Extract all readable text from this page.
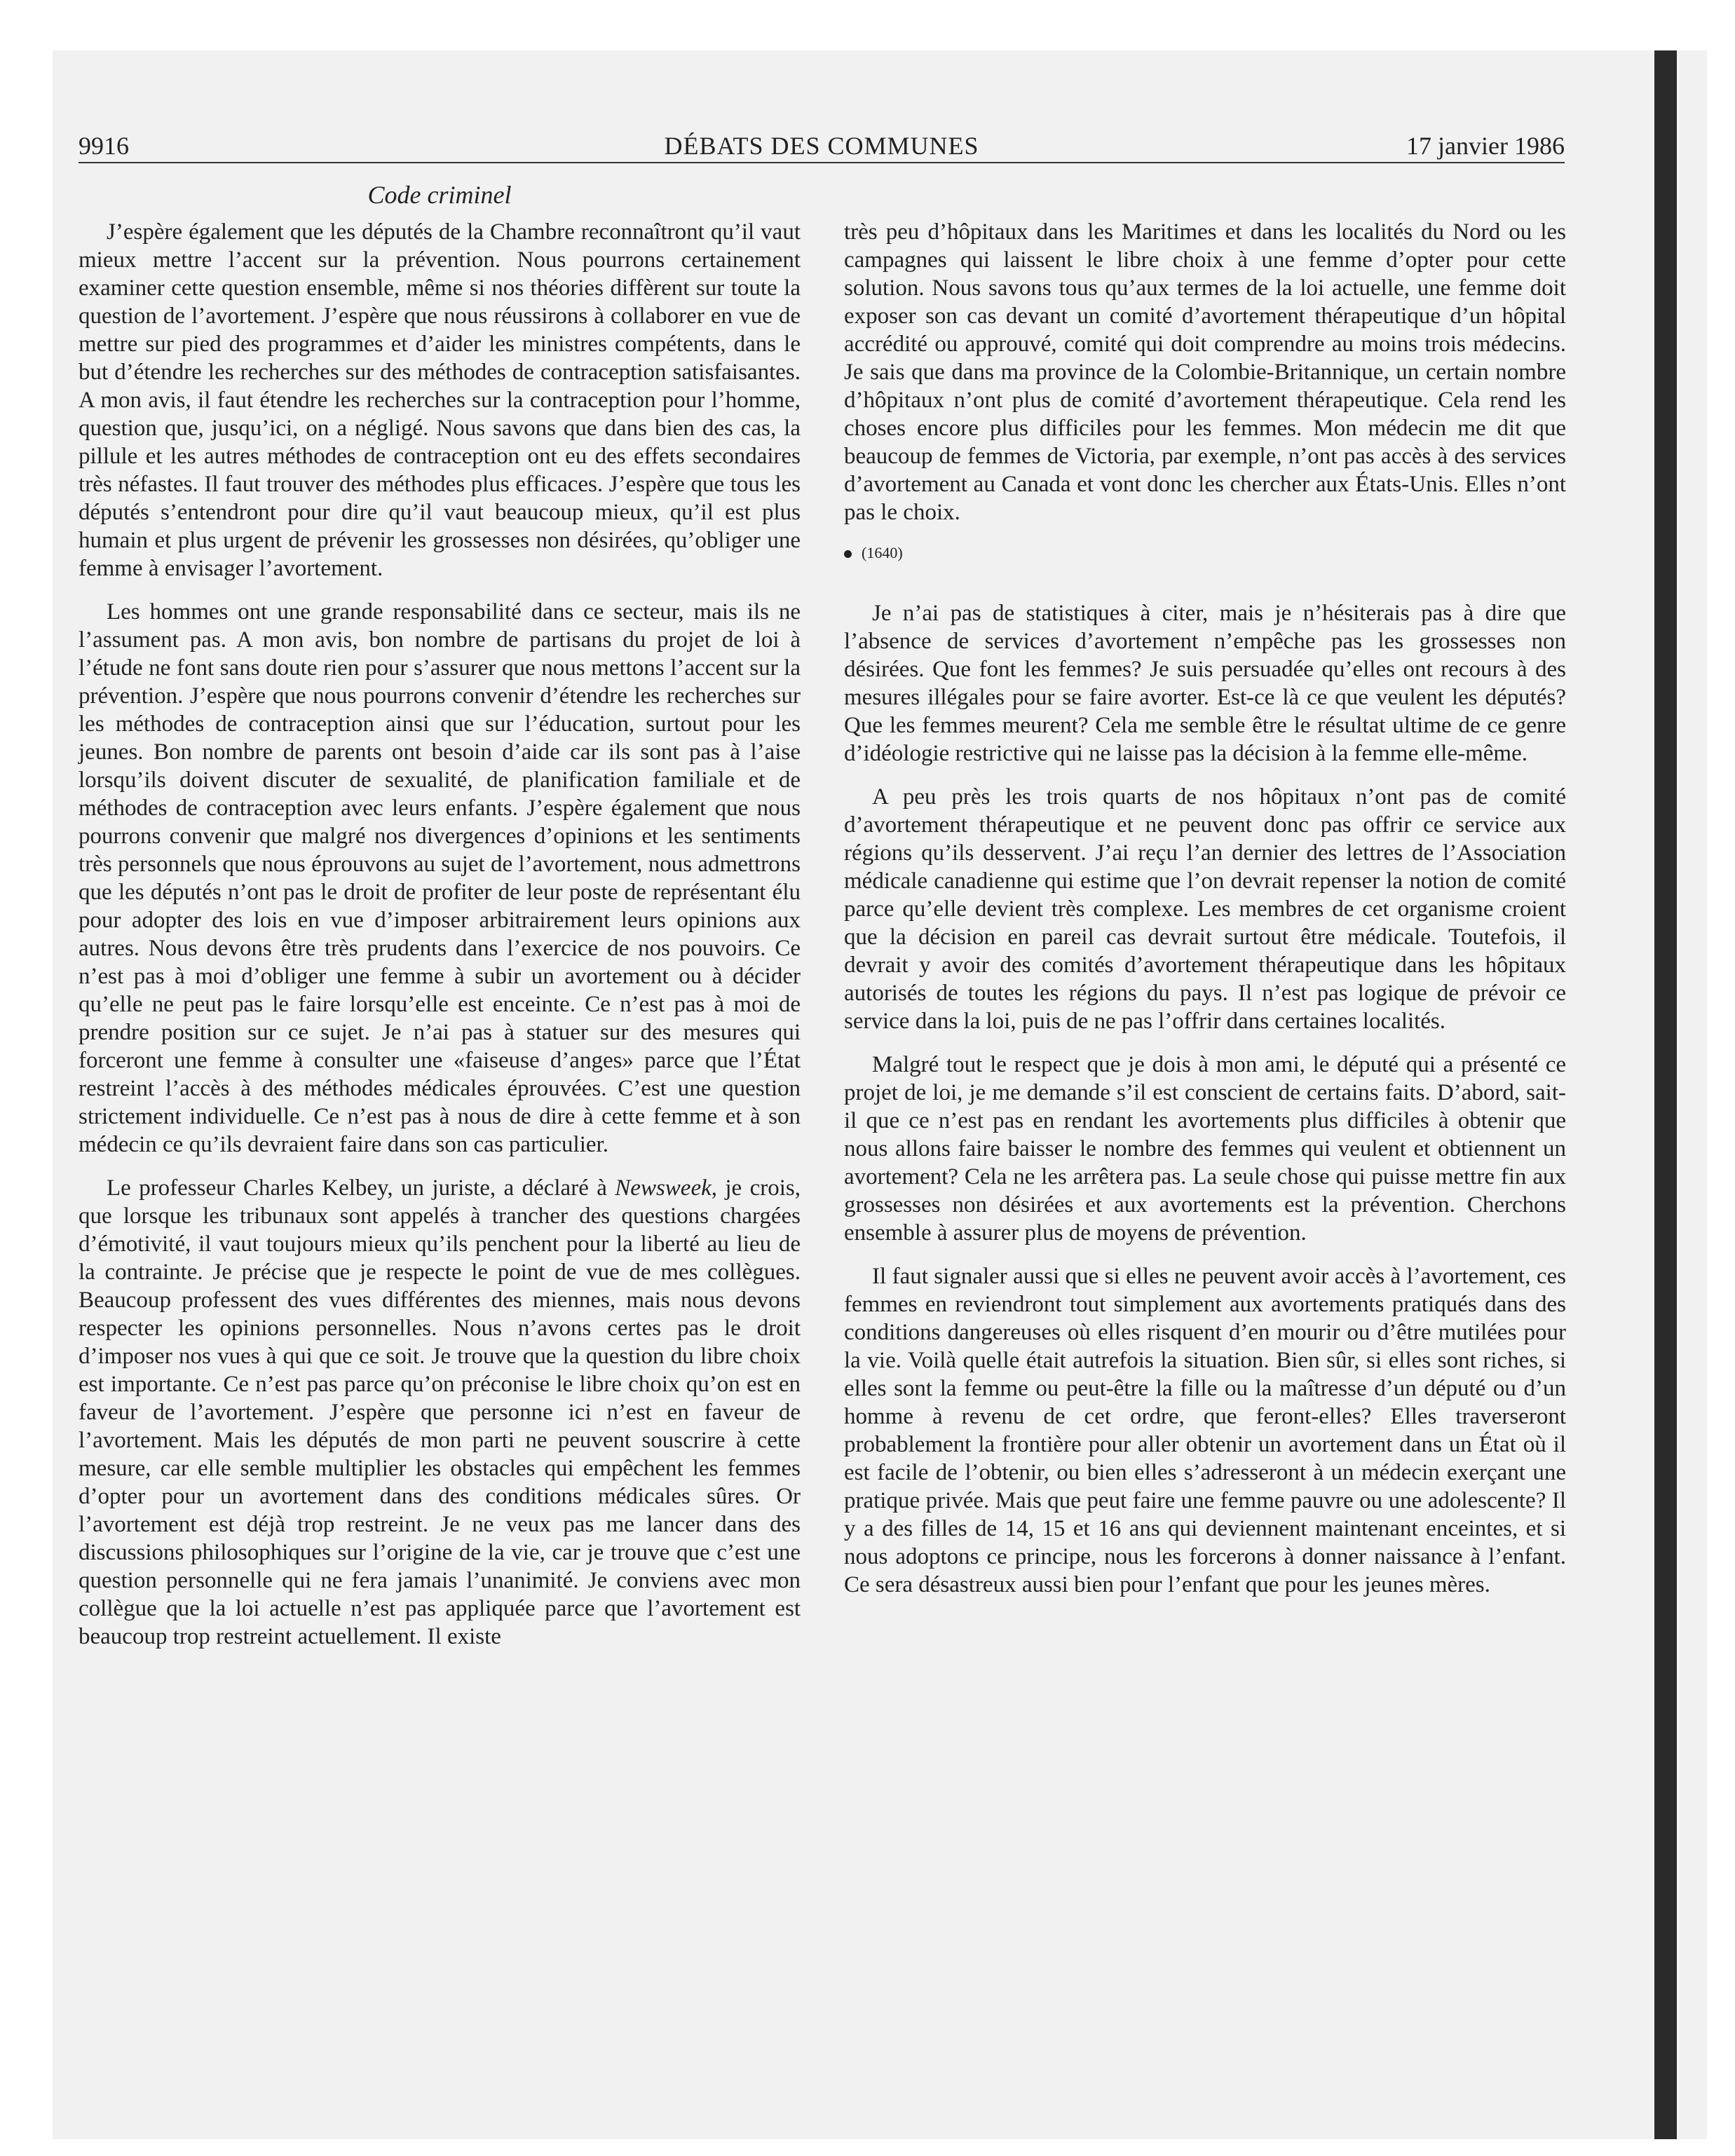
9916	DÉBATS DES COMMUNES	17 janvier 1986
Code criminel

J’espère également que les députés de la Chambre reconnaîtront qu’il vaut mieux mettre l’accent sur la prévention. Nous pourrons certainement examiner cette question ensemble, même si nos théories diffèrent sur toute la question de l’avortement. J’espère que nous réussirons à collaborer en vue de mettre sur pied des programmes et d’aider les ministres compétents, dans le but d’étendre les recherches sur des méthodes de contraception satisfaisantes. A mon avis, il faut étendre les recherches sur la contraception pour l’homme, question que, jusqu’ici, on a négligé. Nous savons que dans bien des cas, la pillule et les autres méthodes de contraception ont eu des effets secondaires très néfastes. Il faut trouver des méthodes plus efficaces. J’espère que tous les députés s’entendront pour dire qu’il vaut beaucoup mieux, qu’il est plus humain et plus urgent de prévenir les grossesses non désirées, qu’obliger une femme à envisager l’avortement.

Les hommes ont une grande responsabilité dans ce secteur, mais ils ne l’assument pas. A mon avis, bon nombre de partisans du projet de loi à l’étude ne font sans doute rien pour s’assurer que nous mettons l’accent sur la prévention. J’espère que nous pourrons convenir d’étendre les recherches sur les méthodes de contraception ainsi que sur l’éducation, surtout pour les jeunes. Bon nombre de parents ont besoin d’aide car ils sont pas à l’aise lorsqu’ils doivent discuter de sexualité, de planification familiale et de méthodes de contraception avec leurs enfants. J’espère également que nous pourrons convenir que malgré nos divergences d’opinions et les sentiments très personnels que nous éprouvons au sujet de l’avortement, nous admettrons que les députés n’ont pas le droit de profiter de leur poste de représentant élu pour adopter des lois en vue d’imposer arbitrairement leurs opinions aux autres. Nous devons être très prudents dans l’exercice de nos pouvoirs. Ce n’est pas à moi d’obliger une femme à subir un avortement ou à décider qu’elle ne peut pas le faire lorsqu’elle est enceinte. Ce n’est pas à moi de prendre position sur ce sujet. Je n’ai pas à statuer sur des mesures qui forceront une femme à consulter une «faiseuse d’anges» parce que l’État restreint l’accès à des méthodes médicales éprouvées. C’est une question strictement individuelle. Ce n’est pas à nous de dire à cette femme et à son médecin ce qu’ils devraient faire dans son cas particulier.

Le professeur Charles Kelbey, un juriste, a déclaré à Newsweek, je crois, que lorsque les tribunaux sont appelés à trancher des questions chargées d’émotivité, il vaut toujours mieux qu’ils penchent pour la liberté au lieu de la contrainte. Je précise que je respecte le point de vue de mes collègues. Beaucoup professent des vues différentes des miennes, mais nous devons respecter les opinions personnelles. Nous n’avons certes pas le droit d’imposer nos vues à qui que ce soit. Je trouve que la question du libre choix est importante. Ce n’est pas parce qu’on préconise le libre choix qu’on est en faveur de l’avortement. J’espère que personne ici n’est en faveur de l’avortement. Mais les députés de mon parti ne peuvent souscrire à cette mesure, car elle semble multiplier les obstacles qui empêchent les femmes d’opter pour un avortement dans des conditions médicales sûres. Or l’avortement est déjà trop restreint. Je ne veux pas me lancer dans des discussions philosophiques sur l’origine de la vie, car je trouve que c’est une question personnelle qui ne fera jamais l’unanimité. Je conviens avec mon collègue que la loi actuelle n’est pas appliquée parce que l’avortement est beaucoup trop restreint actuellement. Il existe

très peu d’hôpitaux dans les Maritimes et dans les localités du Nord ou les campagnes qui laissent le libre choix à une femme d’opter pour cette solution. Nous savons tous qu’aux termes de la loi actuelle, une femme doit exposer son cas devant un comité d’avortement thérapeutique d’un hôpital accrédité ou approuvé, comité qui doit comprendre au moins trois médecins. Je sais que dans ma province de la Colombie-Britannique, un certain nombre d’hôpitaux n’ont plus de comité d’avortement thérapeutique. Cela rend les choses encore plus difficiles pour les femmes. Mon médecin me dit que beaucoup de femmes de Victoria, par exemple, n’ont pas accès à des services d’avortement au Canada et vont donc les chercher aux États-Unis. Elles n’ont pas le choix.

(1640)

Je n’ai pas de statistiques à citer, mais je n’hésiterais pas à dire que l’absence de services d’avortement n’empêche pas les grossesses non désirées. Que font les femmes? Je suis persuadée qu’elles ont recours à des mesures illégales pour se faire avorter. Est-ce là ce que veulent les députés? Que les femmes meurent? Cela me semble être le résultat ultime de ce genre d’idéologie restrictive qui ne laisse pas la décision à la femme elle-même.

A peu près les trois quarts de nos hôpitaux n’ont pas de comité d’avortement thérapeutique et ne peuvent donc pas offrir ce service aux régions qu’ils desservent. J’ai reçu l’an dernier des lettres de l’Association médicale canadienne qui estime que l’on devrait repenser la notion de comité parce qu’elle devient très complexe. Les membres de cet organisme croient que la décision en pareil cas devrait surtout être médicale. Toutefois, il devrait y avoir des comités d’avortement thérapeutique dans les hôpitaux autorisés de toutes les régions du pays. Il n’est pas logique de prévoir ce service dans la loi, puis de ne pas l’offrir dans certaines localités.

Malgré tout le respect que je dois à mon ami, le député qui a présenté ce projet de loi, je me demande s’il est conscient de certains faits. D’abord, sait-il que ce n’est pas en rendant les avortements plus difficiles à obtenir que nous allons faire baisser le nombre des femmes qui veulent et obtiennent un avortement? Cela ne les arrêtera pas. La seule chose qui puisse mettre fin aux grossesses non désirées et aux avortements est la prévention. Cherchons ensemble à assurer plus de moyens de prévention.

Il faut signaler aussi que si elles ne peuvent avoir accès à l’avortement, ces femmes en reviendront tout simplement aux avortements pratiqués dans des conditions dangereuses où elles risquent d’en mourir ou d’être mutilées pour la vie. Voilà quelle était autrefois la situation. Bien sûr, si elles sont riches, si elles sont la femme ou peut-être la fille ou la maîtresse d’un député ou d’un homme à revenu de cet ordre, que feront-elles? Elles traverseront probablement la frontière pour aller obtenir un avortement dans un État où il est facile de l’obtenir, ou bien elles s’adresseront à un médecin exerçant une pratique privée. Mais que peut faire une femme pauvre ou une adolescente? Il y a des filles de 14, 15 et 16 ans qui deviennent maintenant enceintes, et si nous adoptons ce principe, nous les forcerons à donner naissance à l’enfant. Ce sera désastreux aussi bien pour l’enfant que pour les jeunes mères.
